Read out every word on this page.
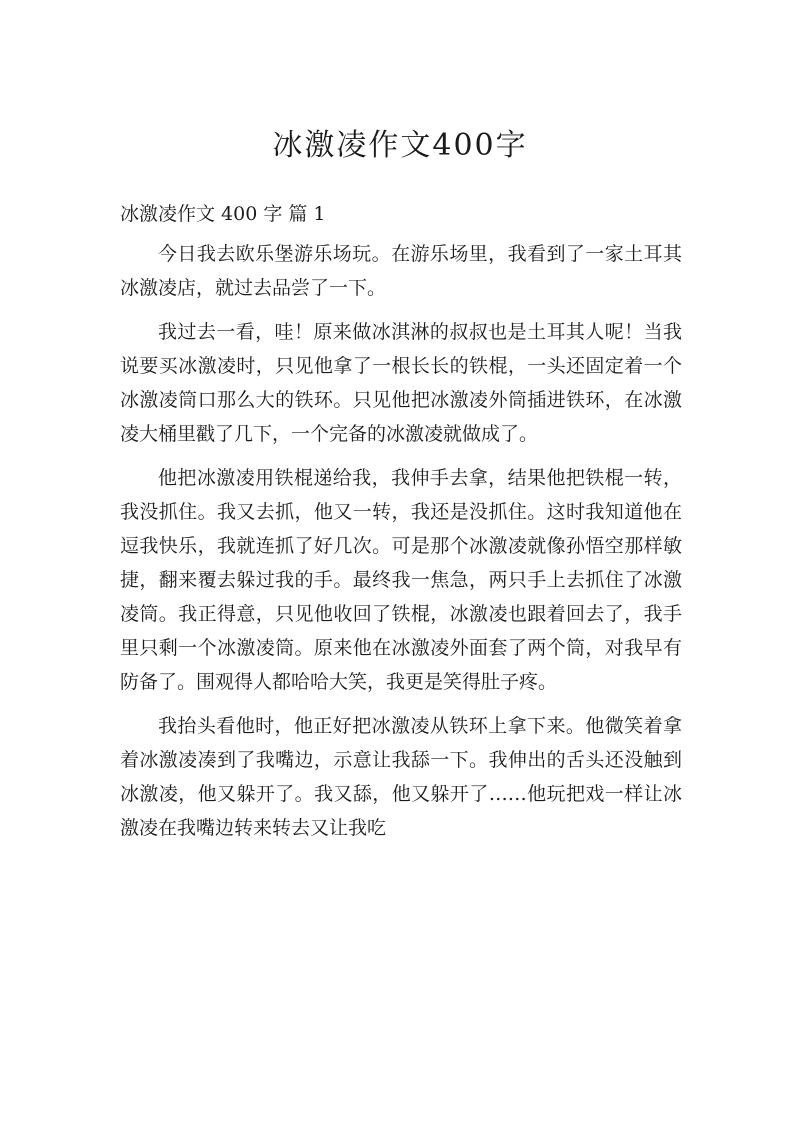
冰激凌作文400字
冰激凌作文 400 字 篇 1

今日我去欧乐堡游乐场玩。在游乐场里，我看到了一家土耳其冰激凌店，就过去品尝了一下。

我过去一看，哇！原来做冰淇淋的叔叔也是土耳其人呢！当我说要买冰激凌时，只见他拿了一根长长的铁棍，一头还固定着一个冰激凌筒口那么大的铁环。只见他把冰激凌外筒插进铁环，在冰激凌大桶里戳了几下，一个完备的冰激凌就做成了。

他把冰激凌用铁棍递给我，我伸手去拿，结果他把铁棍一转，我没抓住。我又去抓，他又一转，我还是没抓住。这时我知道他在逗我快乐，我就连抓了好几次。可是那个冰激凌就像孙悟空那样敏捷，翻来覆去躲过我的手。最终我一焦急，两只手上去抓住了冰激凌筒。我正得意，只见他收回了铁棍，冰激凌也跟着回去了，我手里只剩一个冰激凌筒。原来他在冰激凌外面套了两个筒，对我早有防备了。围观得人都哈哈大笑，我更是笑得肚子疼。

我抬头看他时，他正好把冰激凌从铁环上拿下来。他微笑着拿着冰激凌凑到了我嘴边，示意让我舔一下。我伸出的舌头还没触到冰激凌，他又躲开了。我又舔，他又躲开了……他玩把戏一样让冰激凌在我嘴边转来转去又让我吃
